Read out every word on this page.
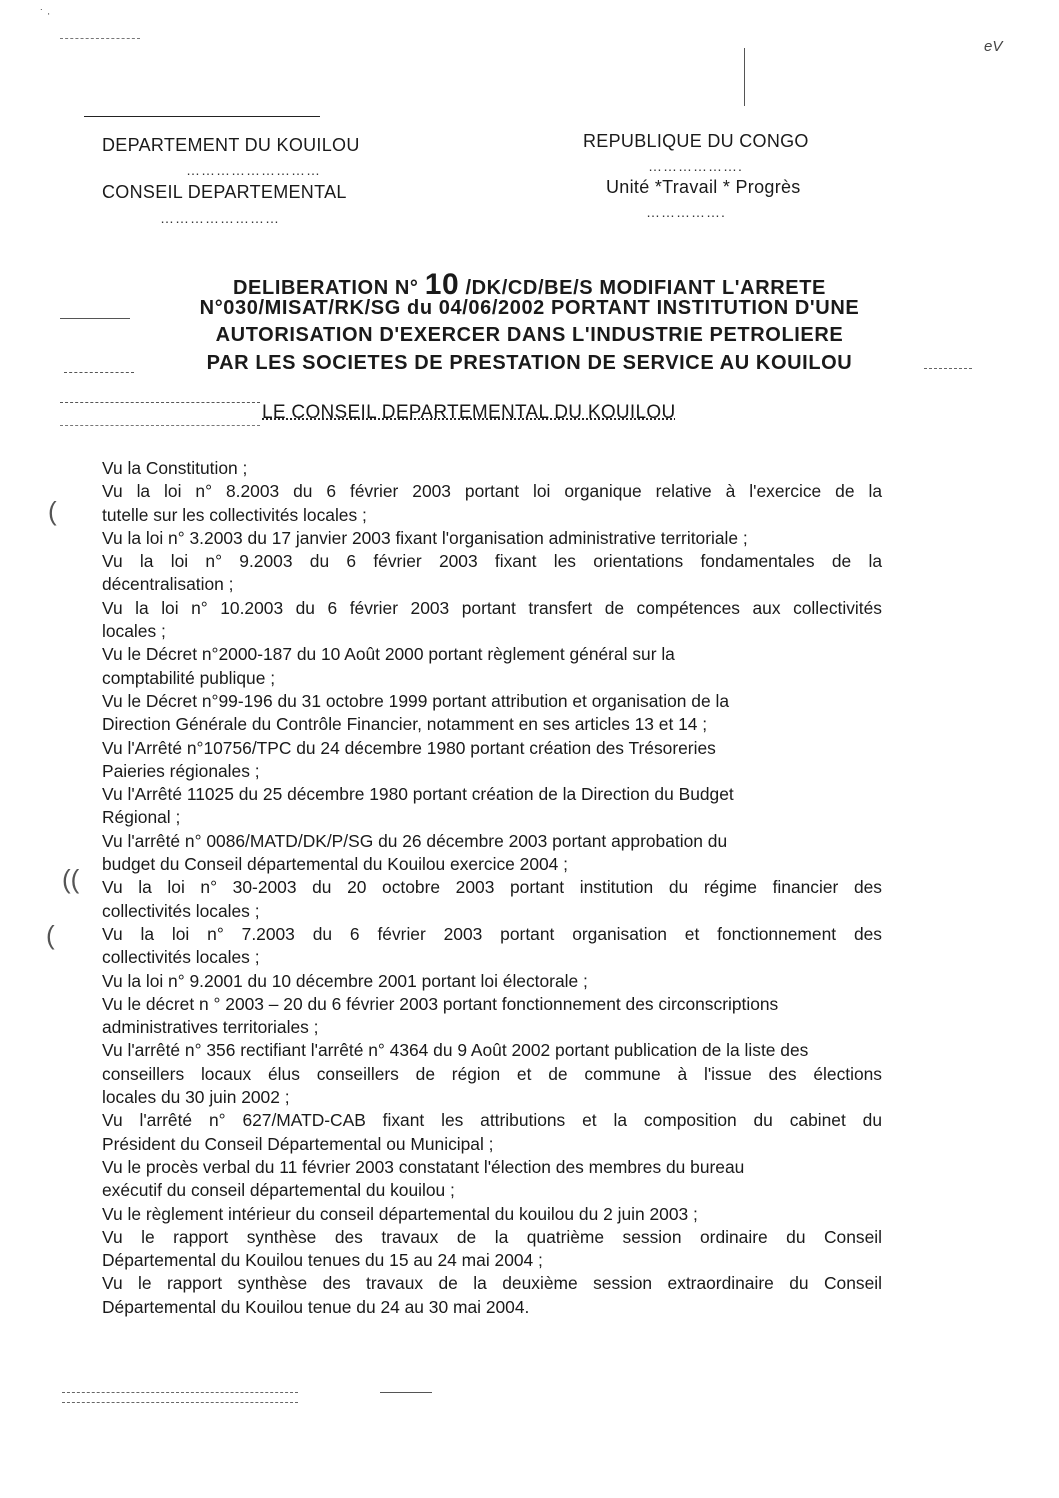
˙ ·
eV
DEPARTEMENT DU KOUILOU
………………………
CONSEIL DEPARTEMENTAL
……………………
REPUBLIQUE DU CONGO
……………….
Unité *Travail * Progrès
…………….
DELIBERATION N° 10 /DK/CD/BE/S MODIFIANT L'ARRETE
N°030/MISAT/RK/SG du 04/06/2002 PORTANT INSTITUTION D'UNE
AUTORISATION D'EXERCER DANS L'INDUSTRIE PETROLIERE
PAR LES SOCIETES DE PRESTATION DE SERVICE AU KOUILOU
LE CONSEIL DEPARTEMENTAL DU KOUILOU
(
((
(
Vu la Constitution ;
Vu la loi n° 8.2003 du 6 février 2003 portant loi organique relative à l'exercice de la
tutelle sur les collectivités locales ;
Vu la loi n° 3.2003 du 17 janvier 2003 fixant l'organisation administrative territoriale ;
Vu la loi n° 9.2003 du 6 février 2003 fixant les orientations fondamentales de la
décentralisation ;
Vu la loi n° 10.2003 du 6 février 2003 portant transfert de compétences aux collectivités
locales ;
Vu le Décret n°2000-187 du 10 Août 2000 portant règlement général sur la
comptabilité publique ;
Vu le Décret n°99-196 du 31 octobre 1999 portant attribution et organisation de la
Direction Générale du Contrôle Financier, notamment en ses articles 13 et 14 ;
Vu l'Arrêté n°10756/TPC du 24 décembre 1980 portant création des Trésoreries
Paieries régionales ;
Vu l'Arrêté 11025 du 25 décembre 1980 portant création de la Direction du Budget
Régional ;
Vu l'arrêté n° 0086/MATD/DK/P/SG du 26 décembre 2003 portant approbation du
budget du Conseil départemental du Kouilou exercice 2004 ;
Vu la loi n° 30-2003 du 20 octobre 2003 portant institution du régime financier des
collectivités locales ;
Vu la loi n° 7.2003 du 6 février 2003 portant organisation et fonctionnement des
collectivités locales ;
Vu la loi n° 9.2001 du 10 décembre 2001 portant loi électorale ;
Vu le décret n ° 2003 – 20 du 6 février 2003 portant fonctionnement des circonscriptions
administratives territoriales ;
Vu l'arrêté n° 356 rectifiant l'arrêté n° 4364 du 9 Août 2002 portant publication de la liste des
conseillers locaux élus conseillers de région et de commune à l'issue des élections
locales du 30 juin 2002 ;
Vu l'arrêté n° 627/MATD-CAB fixant les attributions et la composition du cabinet du
Président du Conseil Départemental ou Municipal ;
Vu le procès verbal du 11 février 2003 constatant l'élection des membres du bureau
exécutif du conseil départemental du kouilou ;
Vu le règlement intérieur du conseil départemental du kouilou du 2 juin 2003 ;
Vu le rapport synthèse des travaux de la quatrième session ordinaire du Conseil
Départemental du Kouilou tenues du 15 au 24 mai 2004 ;
Vu le rapport synthèse des travaux de la deuxième session extraordinaire du Conseil
Départemental du Kouilou tenue du 24 au 30 mai 2004.
